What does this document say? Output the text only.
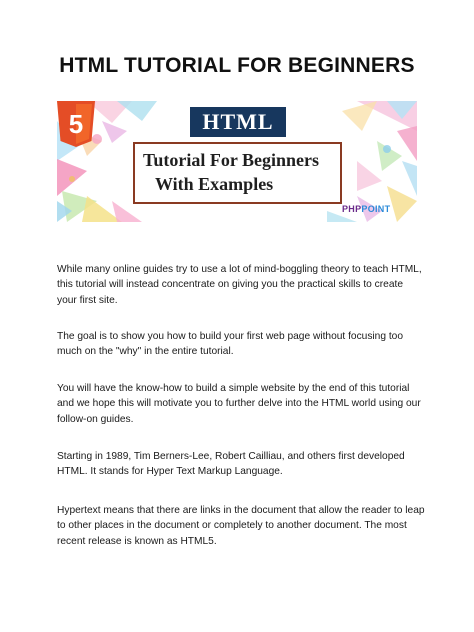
HTML TUTORIAL FOR BEGINNERS
HTML
5
Tutorial For Beginners
With Examples
PHPPOINT

While many online guides try to use a lot of mind-boggling theory to teach HTML, this tutorial will instead concentrate on giving you the practical skills to create your first site.

The goal is to show you how to build your first web page without focusing too much on the "why" in the entire tutorial.

You will have the know-how to build a simple website by the end of this tutorial and we hope this will motivate you to further delve into the HTML world using our follow-on guides.

Starting in 1989, Tim Berners-Lee, Robert Cailliau, and others first developed HTML. It stands for Hyper Text Markup Language.

Hypertext means that there are links in the document that allow the reader to leap to other places in the document or completely to another document. The most recent release is known as HTML5.
